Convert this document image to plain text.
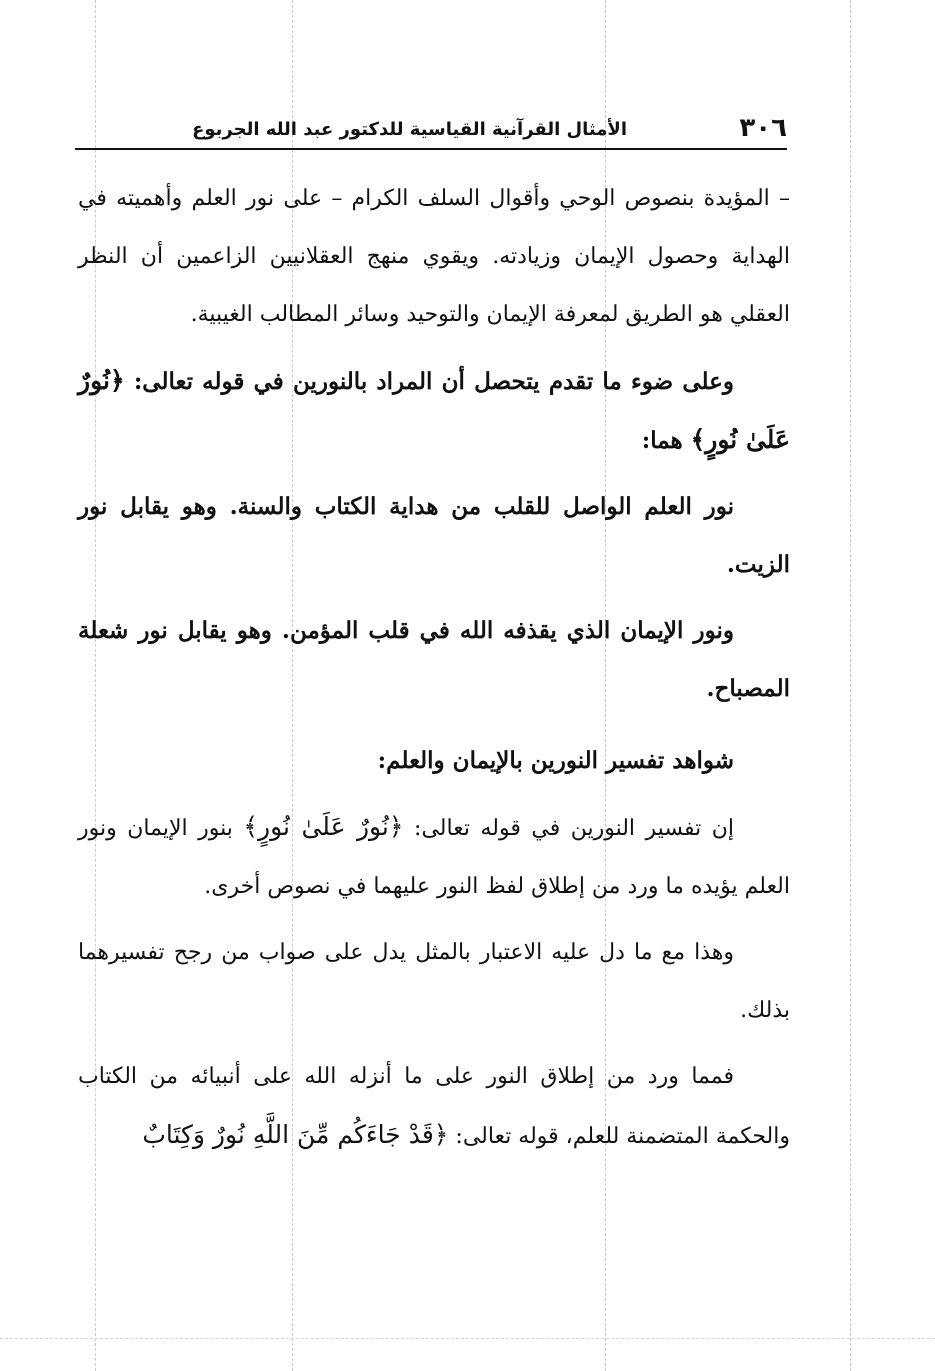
٣٠٦
الأمثال القرآنية القياسية للدكتور عبد الله الجربوع

– المؤيدة بنصوص الوحي وأقوال السلف الكرام – على نور العلم وأهميته في الهداية وحصول الإيمان وزيادته. ويقوي منهج العقلانيين الزاعمين أن النظر العقلي هو الطريق لمعرفة الإيمان والتوحيد وسائر المطالب الغيبية.

وعلى ضوء ما تقدم يتحصل أن المراد بالنورين في قوله تعالى: ﴿نُورٌ عَلَىٰ نُورٍ﴾ هما:

نور العلم الواصل للقلب من هداية الكتاب والسنة. وهو يقابل نور الزيت.

ونور الإيمان الذي يقذفه الله في قلب المؤمن. وهو يقابل نور شعلة المصباح.

شواهد تفسير النورين بالإيمان والعلم:

إن تفسير النورين في قوله تعالى: ﴿نُورٌ عَلَىٰ نُورٍ﴾ بنور الإيمان ونور العلم يؤيده ما ورد من إطلاق لفظ النور عليهما في نصوص أخرى.

وهذا مع ما دل عليه الاعتبار بالمثل يدل على صواب من رجح تفسيرهما بذلك.

فمما ورد من إطلاق النور على ما أنزله الله على أنبيائه من الكتاب والحكمة المتضمنة للعلم، قوله تعالى: ﴿قَدْ جَاءَكُم مِّنَ اللَّهِ نُورٌ وَكِتَابٌ
